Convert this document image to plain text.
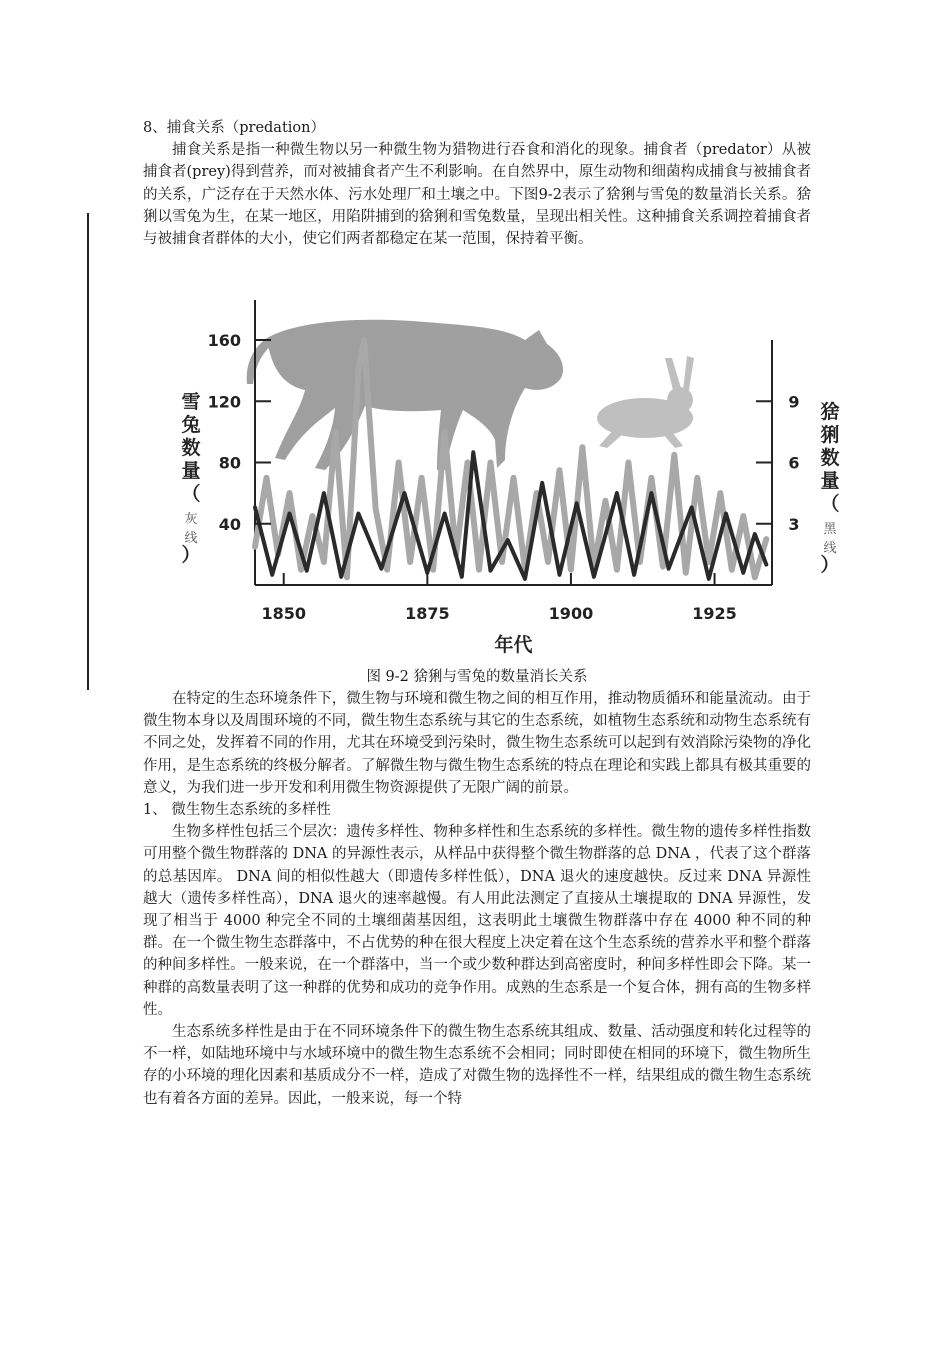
8、捕食关系（predation）

捕食关系是指一种微生物以另一种微生物为猎物进行吞食和消化的现象。捕食者（predator）从被捕食者(prey)得到营养，而对被捕食者产生不利影响。在自然界中，原生动物和细菌构成捕食与被捕食者的关系，广泛存在于天然水体、污水处理厂和土壤之中。下图9-2表示了猞猁与雪兔的数量消长关系。猞猁以雪兔为生，在某一地区，用陷阱捕到的猞猁和雪兔数量，呈现出相关性。这种捕食关系调控着捕食者与被捕食者群体的大小，使它们两者都稳定在某一范围，保持着平衡。

40
80
120
160
3
6
9
1850	1875	1900	1925
年代
雪
兔
数
量
（
灰
线
）
猞
猁
数
量
（
黑
线
）
图 9-2 猞猁与雪兔的数量消长关系

在特定的生态环境条件下，微生物与环境和微生物之间的相互作用，推动物质循环和能量流动。由于微生物本身以及周围环境的不同，微生物生态系统与其它的生态系统，如植物生态系统和动物生态系统有不同之处，发挥着不同的作用，尤其在环境受到污染时，微生物生态系统可以起到有效消除污染物的净化作用，是生态系统的终极分解者。了解微生物与微生物生态系统的特点在理论和实践上都具有极其重要的意义，为我们进一步开发和利用微生物资源提供了无限广阔的前景。

1、 微生物生态系统的多样性

生物多样性包括三个层次：遗传多样性、物种多样性和生态系统的多样性。微生物的遗传多样性指数可用整个微生物群落的 DNA 的异源性表示，从样品中获得整个微生物群落的总 DNA ，代表了这个群落的总基因库。 DNA 间的相似性越大（即遗传多样性低），DNA 退火的速度越快。反过来 DNA 异源性越大（遗传多样性高），DNA 退火的速率越慢。有人用此法测定了直接从土壤提取的 DNA 异源性，发现了相当于 4000 种完全不同的土壤细菌基因组，这表明此土壤微生物群落中存在 4000 种不同的种群。在一个微生物生态群落中，不占优势的种在很大程度上决定着在这个生态系统的营养水平和整个群落的种间多样性。一般来说，在一个群落中，当一个或少数种群达到高密度时，种间多样性即会下降。某一种群的高数量表明了这一种群的优势和成功的竞争作用。成熟的生态系是一个复合体，拥有高的生物多样性。

生态系统多样性是由于在不同环境条件下的微生物生态系统其组成、数量、活动强度和转化过程等的不一样，如陆地环境中与水域环境中的微生物生态系统不会相同；同时即使在相同的环境下，微生物所生存的小环境的理化因素和基质成分不一样，造成了对微生物的选择性不一样，结果组成的微生物生态系统也有着各方面的差异。因此，一般来说，每一个特
